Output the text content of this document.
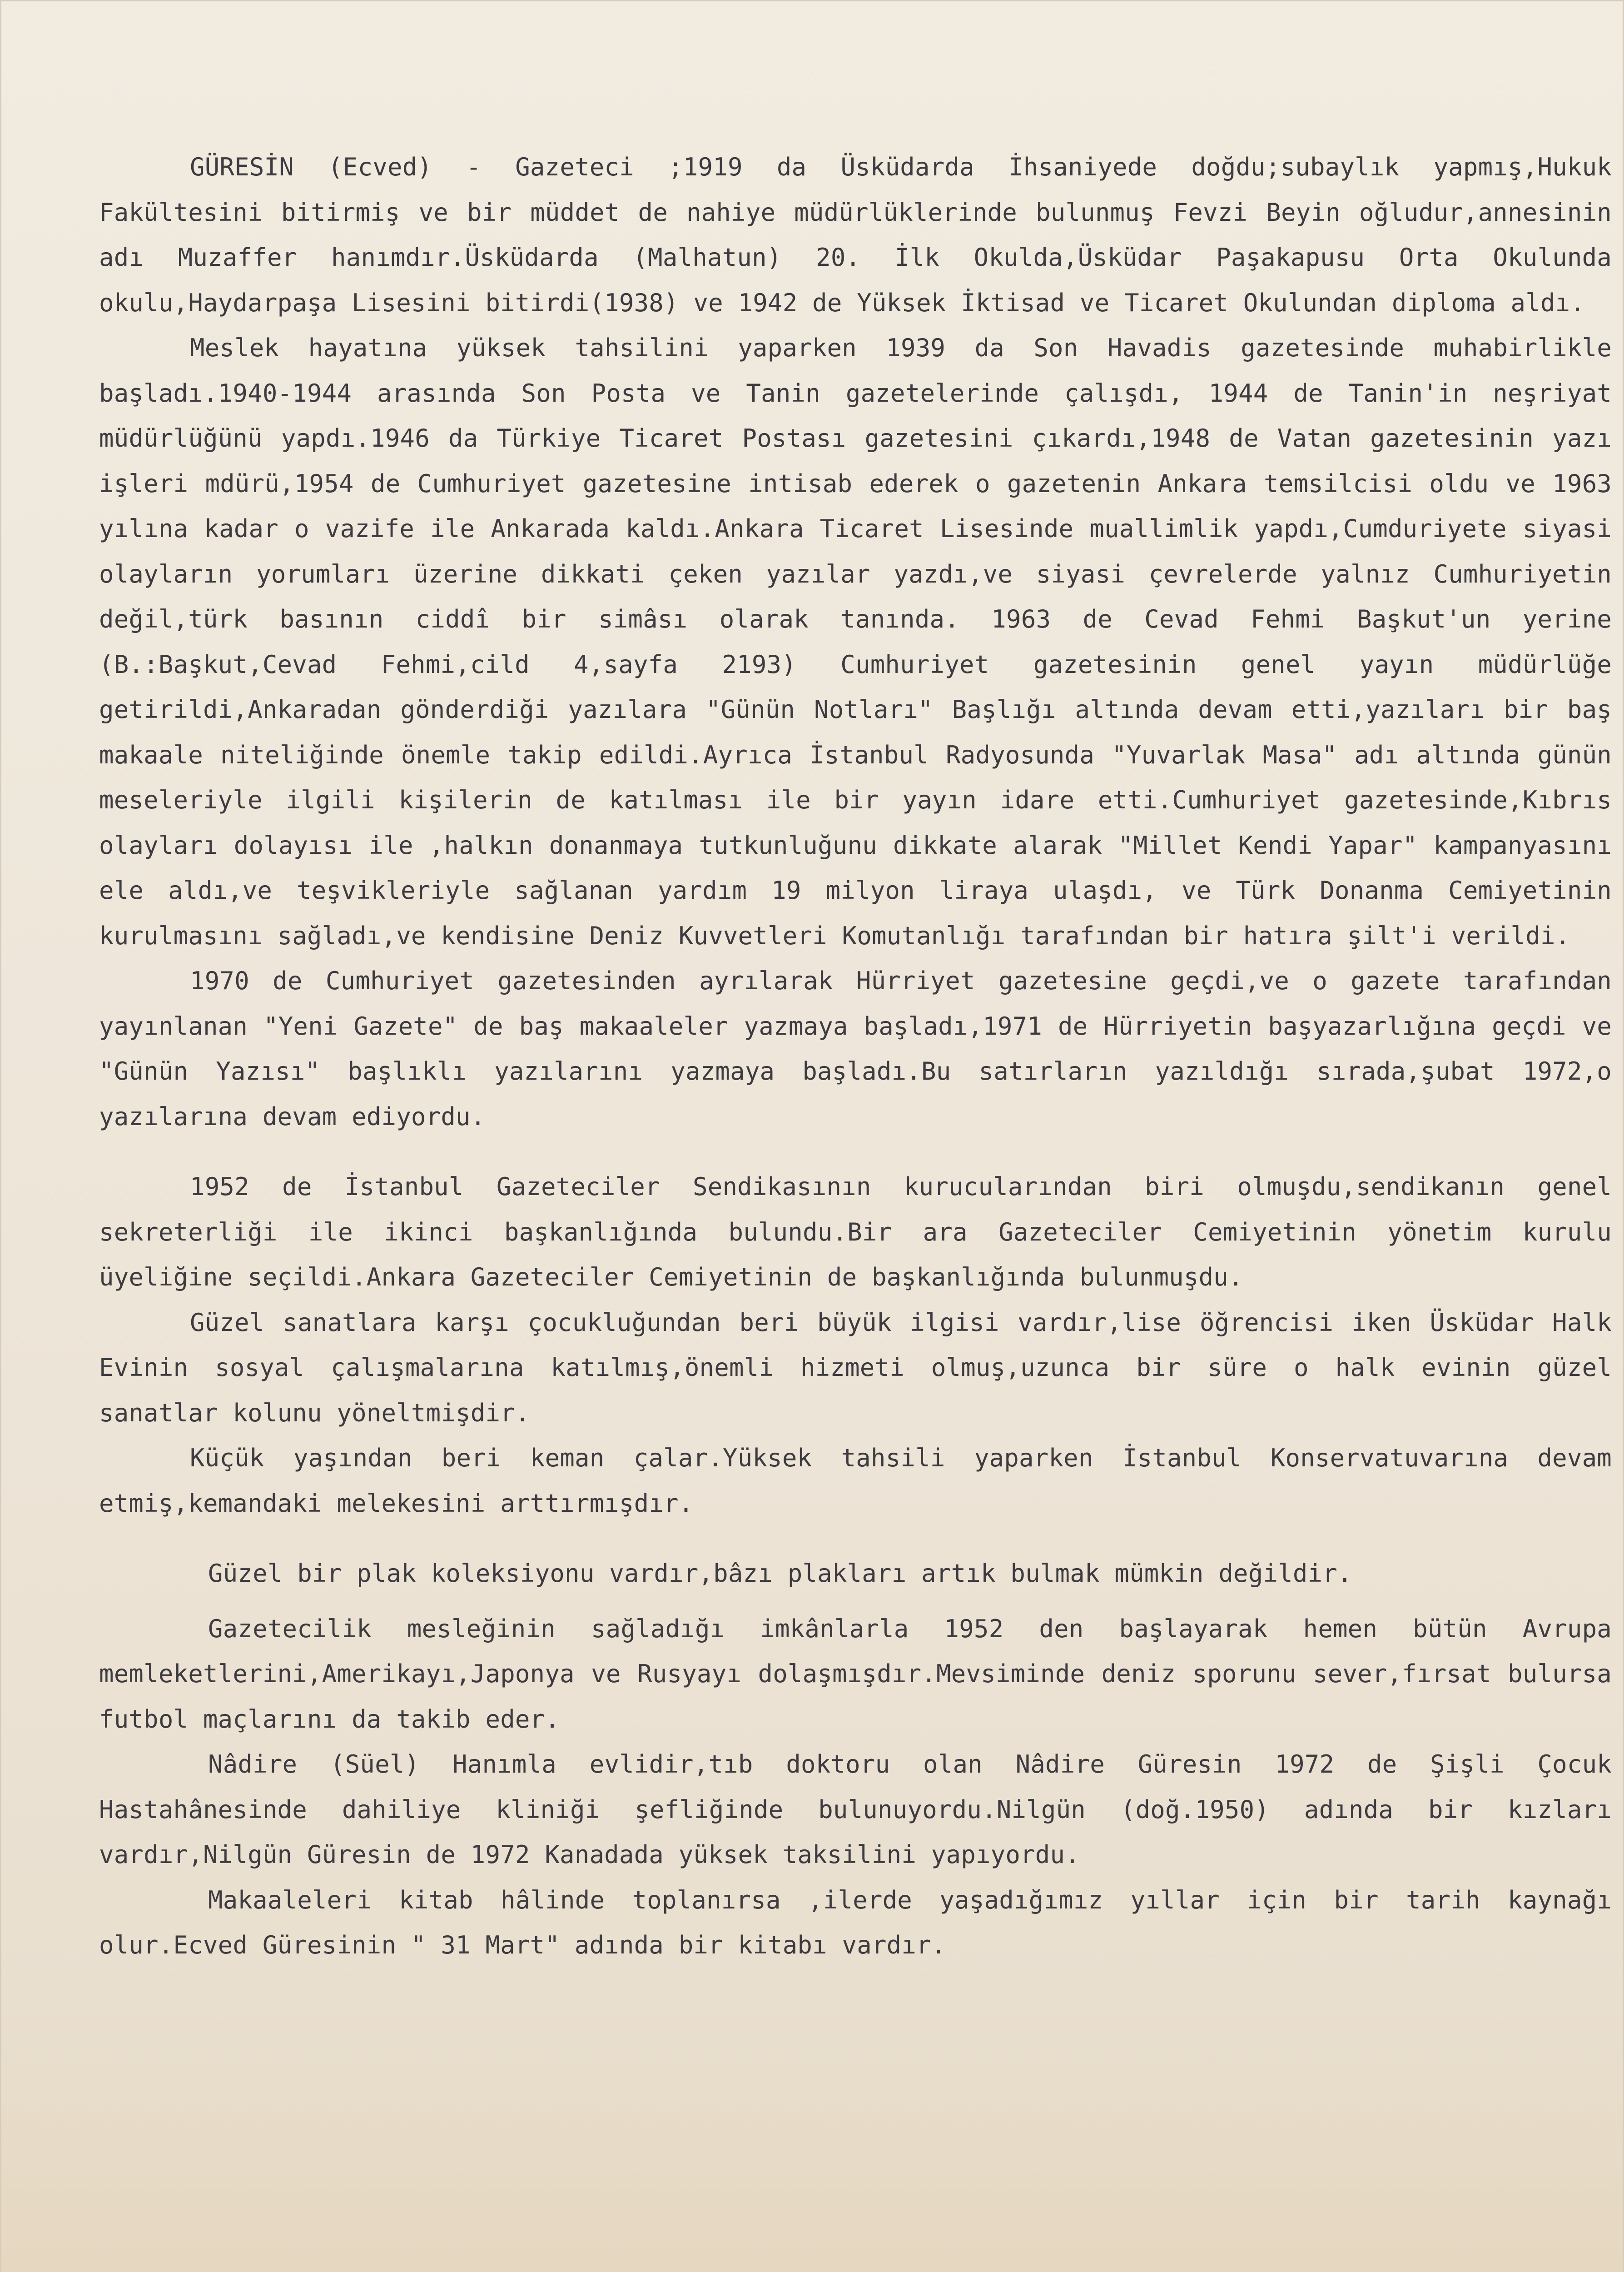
GÜRESİN (Ecved) - Gazeteci ;1919 da Üsküdarda İhsaniyede doğdu;subaylık yapmış,Hukuk Fakültesini bitirmiş ve bir müddet de nahiye müdürlüklerinde bulunmuş Fevzi Beyin oğludur,annesinin adı Muzaffer hanımdır.Üsküdarda (Malhatun) 20. İlk Okulda,Üsküdar Paşakapusu Orta Okulunda okulu,Haydarpaşa Lisesini bitirdi(1938) ve 1942 de Yüksek İktisad ve Ticaret Okulundan diploma aldı.

Meslek hayatına yüksek tahsilini yaparken 1939 da Son Havadis gazetesinde muhabirlikle başladı.1940-1944 arasında Son Posta ve Tanin gazetelerinde çalışdı, 1944 de Tanin'in neşriyat müdürlüğünü yapdı.1946 da Türkiye Ticaret Postası gazetesini çıkardı,1948 de Vatan gazetesinin yazı işleri mdürü,1954 de Cumhuriyet gazetesine intisab ederek o gazetenin Ankara temsilcisi oldu ve 1963 yılına kadar o vazife ile Ankarada kaldı.Ankara Ticaret Lisesinde muallimlik yapdı,Cumduriyete siyasi olayların yorumları üzerine dikkati çeken yazılar yazdı,ve siyasi çevrelerde yalnız Cumhuriyetin değil,türk basının ciddî bir simâsı olarak tanında. 1963 de Cevad Fehmi Başkut'un yerine (B.:Başkut,Cevad Fehmi,cild 4,sayfa 2193) Cumhuriyet gazetesinin genel yayın müdürlüğe getirildi,Ankaradan gönderdiği yazılara "Günün Notları" Başlığı altında devam etti,yazıları bir baş makaale niteliğinde önemle takip edildi.Ayrıca İstanbul Radyosunda "Yuvarlak Masa" adı altında günün meseleriyle ilgili kişilerin de katılması ile bir yayın idare etti.Cumhuriyet gazetesinde,Kıbrıs olayları dolayısı ile ,halkın donanmaya tutkunluğunu dikkate alarak "Millet Kendi Yapar" kampanyasını ele aldı,ve teşvikleriyle sağlanan yardım 19 milyon liraya ulaşdı, ve Türk Donanma Cemiyetinin kurulmasını sağladı,ve kendisine Deniz Kuvvetleri Komutanlığı tarafından bir hatıra şilt'i verildi.

1970 de Cumhuriyet gazetesinden ayrılarak Hürriyet gazetesine geçdi,ve o gazete tarafından yayınlanan "Yeni Gazete" de baş makaaleler yazmaya başladı,1971 de Hürriyetin başyazarlığına geçdi ve "Günün Yazısı" başlıklı yazılarını yazmaya başladı.Bu satırların yazıldığı sırada,şubat 1972,o yazılarına devam ediyordu.

1952 de İstanbul Gazeteciler Sendikasının kurucularından biri olmuşdu,sendikanın genel sekreterliği ile ikinci başkanlığında bulundu.Bir ara Gazeteciler Cemiyetinin yönetim kurulu üyeliğine seçildi.Ankara Gazeteciler Cemiyetinin de başkanlığında bulunmuşdu.

Güzel sanatlara karşı çocukluğundan beri büyük ilgisi vardır,lise öğrencisi iken Üsküdar Halk Evinin sosyal çalışmalarına katılmış,önemli hizmeti olmuş,uzunca bir süre o halk evinin güzel sanatlar kolunu yöneltmişdir.

Küçük yaşından beri keman çalar.Yüksek tahsili yaparken İstanbul Konservatuvarına devam etmiş,kemandaki melekesini arttırmışdır.

Güzel bir plak koleksiyonu vardır,bâzı plakları artık bulmak mümkin değildir.

Gazetecilik mesleğinin sağladığı imkânlarla 1952 den başlayarak hemen bütün Avrupa memleketlerini,Amerikayı,Japonya ve Rusyayı dolaşmışdır.Mevsiminde deniz sporunu sever,fırsat bulursa futbol maçlarını da takib eder.

Nâdire (Süel) Hanımla evlidir,tıb doktoru olan Nâdire Güresin 1972 de Şişli Çocuk Hastahânesinde dahiliye kliniği şefliğinde bulunuyordu.Nilgün (doğ.1950) adında bir kızları vardır,Nilgün Güresin de 1972 Kanadada yüksek taksilini yapıyordu.

Makaaleleri kitab hâlinde toplanırsa ,ilerde yaşadığımız yıllar için bir tarih kaynağı olur.Ecved Güresinin " 31 Mart" adında bir kitabı vardır.
